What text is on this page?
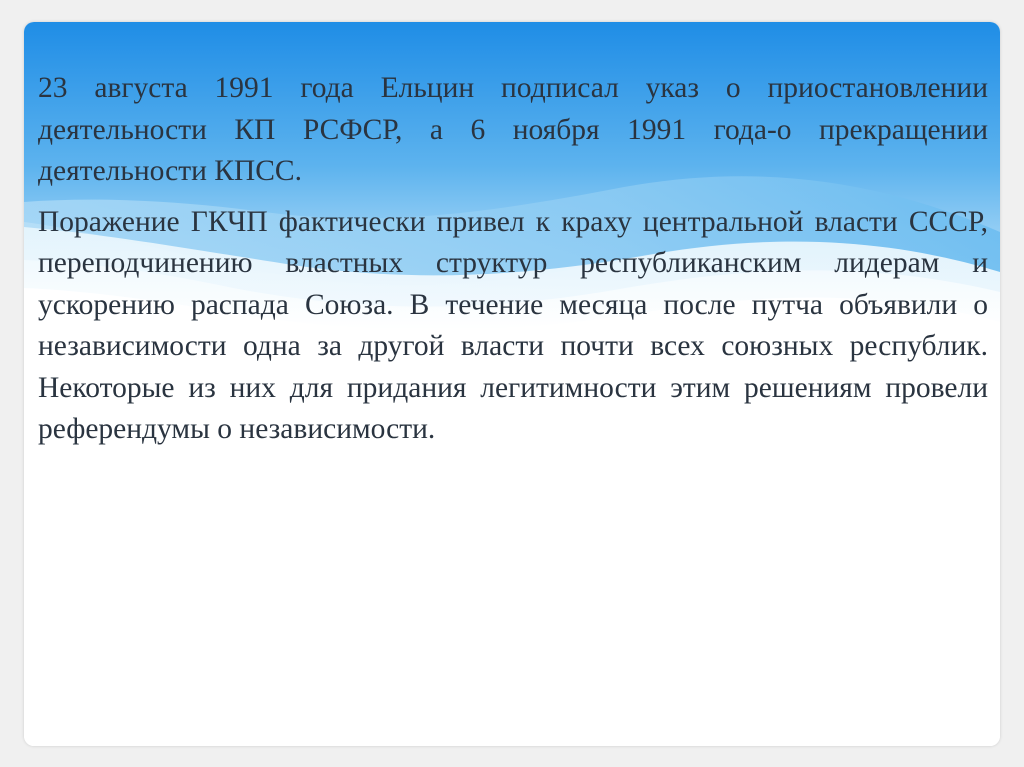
23 августа 1991 года Ельцин подписал указ о приостановлении деятельности КП РСФСР, а 6 ноября 1991 года-о прекращении деятельности КПСС.

Поражение ГКЧП фактически привел к краху центральной власти СССР, переподчинению властных структур республиканским лидерам и ускорению распада Союза. В течение месяца после путча объявили о независимости одна за другой власти почти всех союзных республик. Некоторые из них для придания легитимности этим решениям провели референдумы о независимости.
